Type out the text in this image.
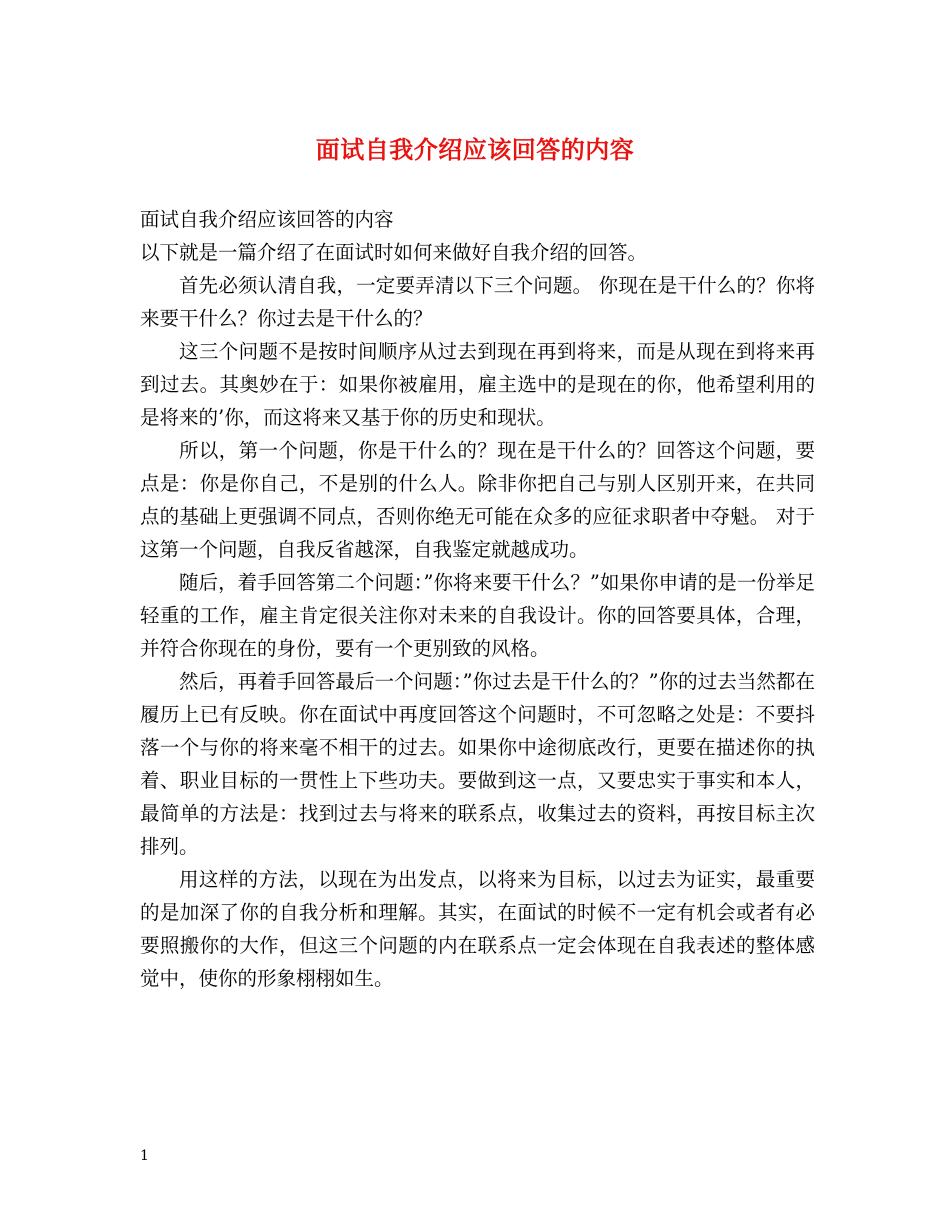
面试自我介绍应该回答的内容

面试自我介绍应该回答的内容

以下就是一篇介绍了在面试时如何来做好自我介绍的回答。

首先必须认清自我，一定要弄清以下三个问题。 你现在是干什么的？你将来要干什么？你过去是干什么的？

这三个问题不是按时间顺序从过去到现在再到将来，而是从现在到将来再到过去。其奥妙在于：如果你被雇用，雇主选中的是现在的你，他希望利用的是将来的’你，而这将来又基于你的历史和现状。

所以，第一个问题，你是干什么的？现在是干什么的？回答这个问题，要点是：你是你自己，不是别的什么人。除非你把自己与别人区别开来，在共同点的基础上更强调不同点，否则你绝无可能在众多的应征求职者中夺魁。 对于这第一个问题，自我反省越深，自我鉴定就越成功。

随后，着手回答第二个问题：”你将来要干什么？”如果你申请的是一份举足轻重的工作，雇主肯定很关注你对未来的自我设计。你的回答要具体，合理，并符合你现在的身份，要有一个更别致的风格。

然后，再着手回答最后一个问题：”你过去是干什么的？”你的过去当然都在履历上已有反映。你在面试中再度回答这个问题时，不可忽略之处是：不要抖落一个与你的将来毫不相干的过去。如果你中途彻底改行，更要在描述你的执着、职业目标的一贯性上下些功夫。要做到这一点，又要忠实于事实和本人，最简单的方法是：找到过去与将来的联系点，收集过去的资料，再按目标主次排列。

用这样的方法，以现在为出发点，以将来为目标，以过去为证实，最重要的是加深了你的自我分析和理解。其实，在面试的时候不一定有机会或者有必要照搬你的大作，但这三个问题的内在联系点一定会体现在自我表述的整体感觉中，使你的形象栩栩如生。

1
